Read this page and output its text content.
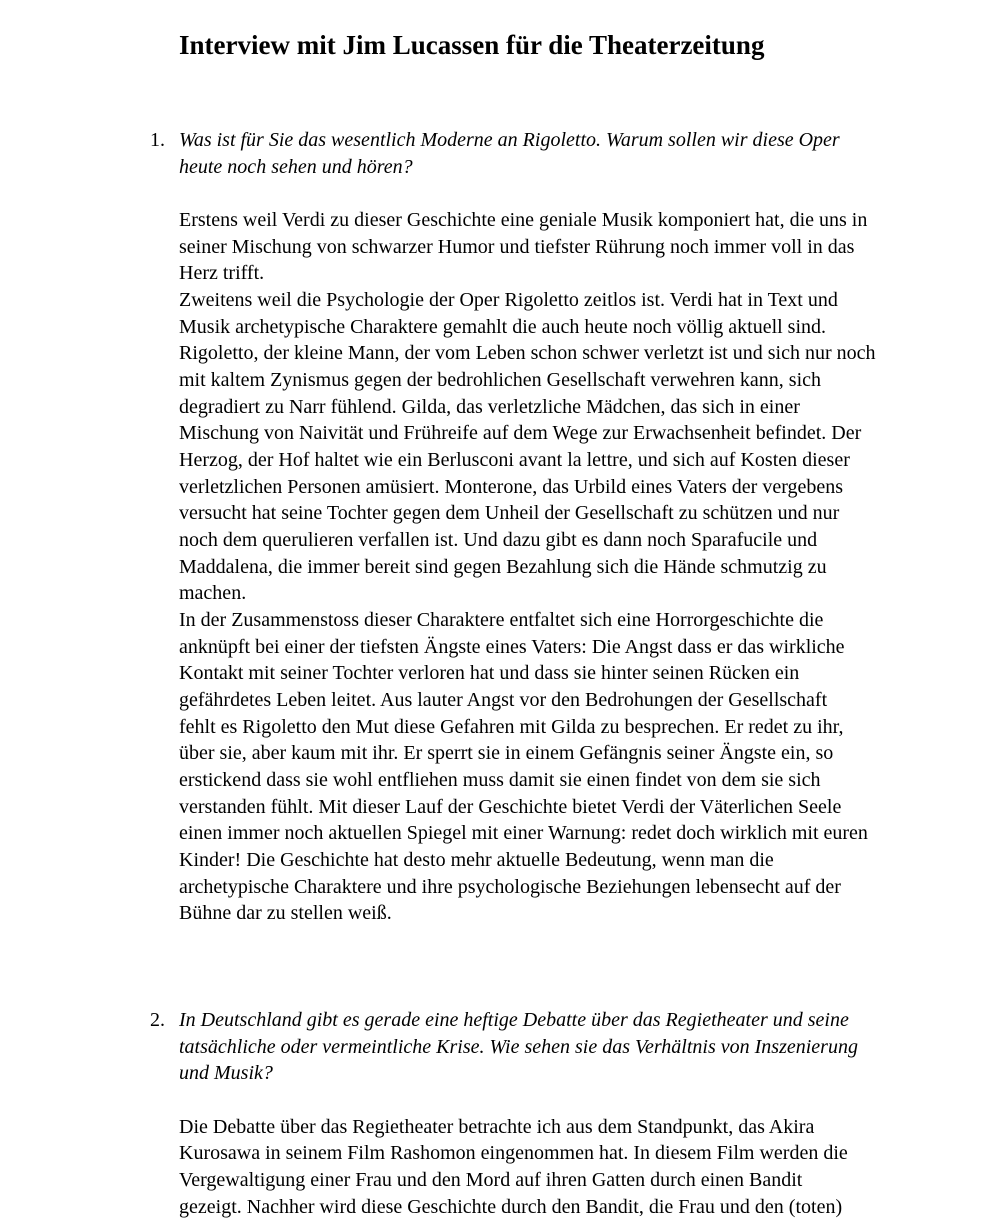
Interview mit Jim Lucassen für die Theaterzeitung
1. Was ist für Sie das wesentlich Moderne an Rigoletto. Warum sollen wir diese Oper
heute noch sehen und hören?
Erstens weil Verdi zu dieser Geschichte eine geniale Musik komponiert hat, die uns in
seiner Mischung von schwarzer Humor und tiefster Rührung noch immer voll in das
Herz trifft.
Zweitens weil die Psychologie der Oper Rigoletto zeitlos ist. Verdi hat in Text und
Musik archetypische Charaktere gemahlt die auch heute noch völlig aktuell sind.
Rigoletto, der kleine Mann, der vom Leben schon schwer verletzt ist und sich nur noch
mit kaltem Zynismus gegen der bedrohlichen Gesellschaft verwehren kann, sich
degradiert zu Narr fühlend. Gilda, das verletzliche Mädchen, das sich in einer
Mischung von Naivität und Frühreife auf dem Wege zur Erwachsenheit befindet. Der
Herzog, der Hof haltet wie ein Berlusconi avant la lettre, und sich auf Kosten dieser
verletzlichen Personen amüsiert. Monterone, das Urbild eines Vaters der vergebens
versucht hat seine Tochter gegen dem Unheil der Gesellschaft zu schützen und nur
noch dem querulieren verfallen ist. Und dazu gibt es dann noch Sparafucile und
Maddalena, die immer bereit sind gegen Bezahlung sich die Hände schmutzig zu
machen.
In der Zusammenstoss dieser Charaktere entfaltet sich eine Horrorgeschichte die
anknüpft bei einer der tiefsten Ängste eines Vaters: Die Angst dass er das wirkliche
Kontakt mit seiner Tochter verloren hat und dass sie hinter seinen Rücken ein
gefährdetes Leben leitet. Aus lauter Angst vor den Bedrohungen der Gesellschaft
fehlt es Rigoletto den Mut diese Gefahren mit Gilda zu besprechen. Er redet zu ihr,
über sie, aber kaum mit ihr. Er sperrt sie in einem Gefängnis seiner Ängste ein, so
erstickend dass sie wohl entfliehen muss damit sie einen findet von dem sie sich
verstanden fühlt. Mit dieser Lauf der Geschichte bietet Verdi der Väterlichen Seele
einen immer noch aktuellen Spiegel mit einer Warnung: redet doch wirklich mit euren
Kinder! Die Geschichte hat desto mehr aktuelle Bedeutung, wenn man die
archetypische Charaktere und ihre psychologische Beziehungen lebensecht auf der
Bühne dar zu stellen weiß.
2. In Deutschland gibt es gerade eine heftige Debatte über das Regietheater und seine
tatsächliche oder vermeintliche Krise. Wie sehen sie das Verhältnis von Inszenierung
und Musik?
Die Debatte über das Regietheater betrachte ich aus dem Standpunkt, das Akira
Kurosawa in seinem Film Rashomon eingenommen hat. In diesem Film werden die
Vergewaltigung einer Frau und den Mord auf ihren Gatten durch einen Bandit
gezeigt. Nachher wird diese Geschichte durch den Bandit, die Frau und den (toten)
